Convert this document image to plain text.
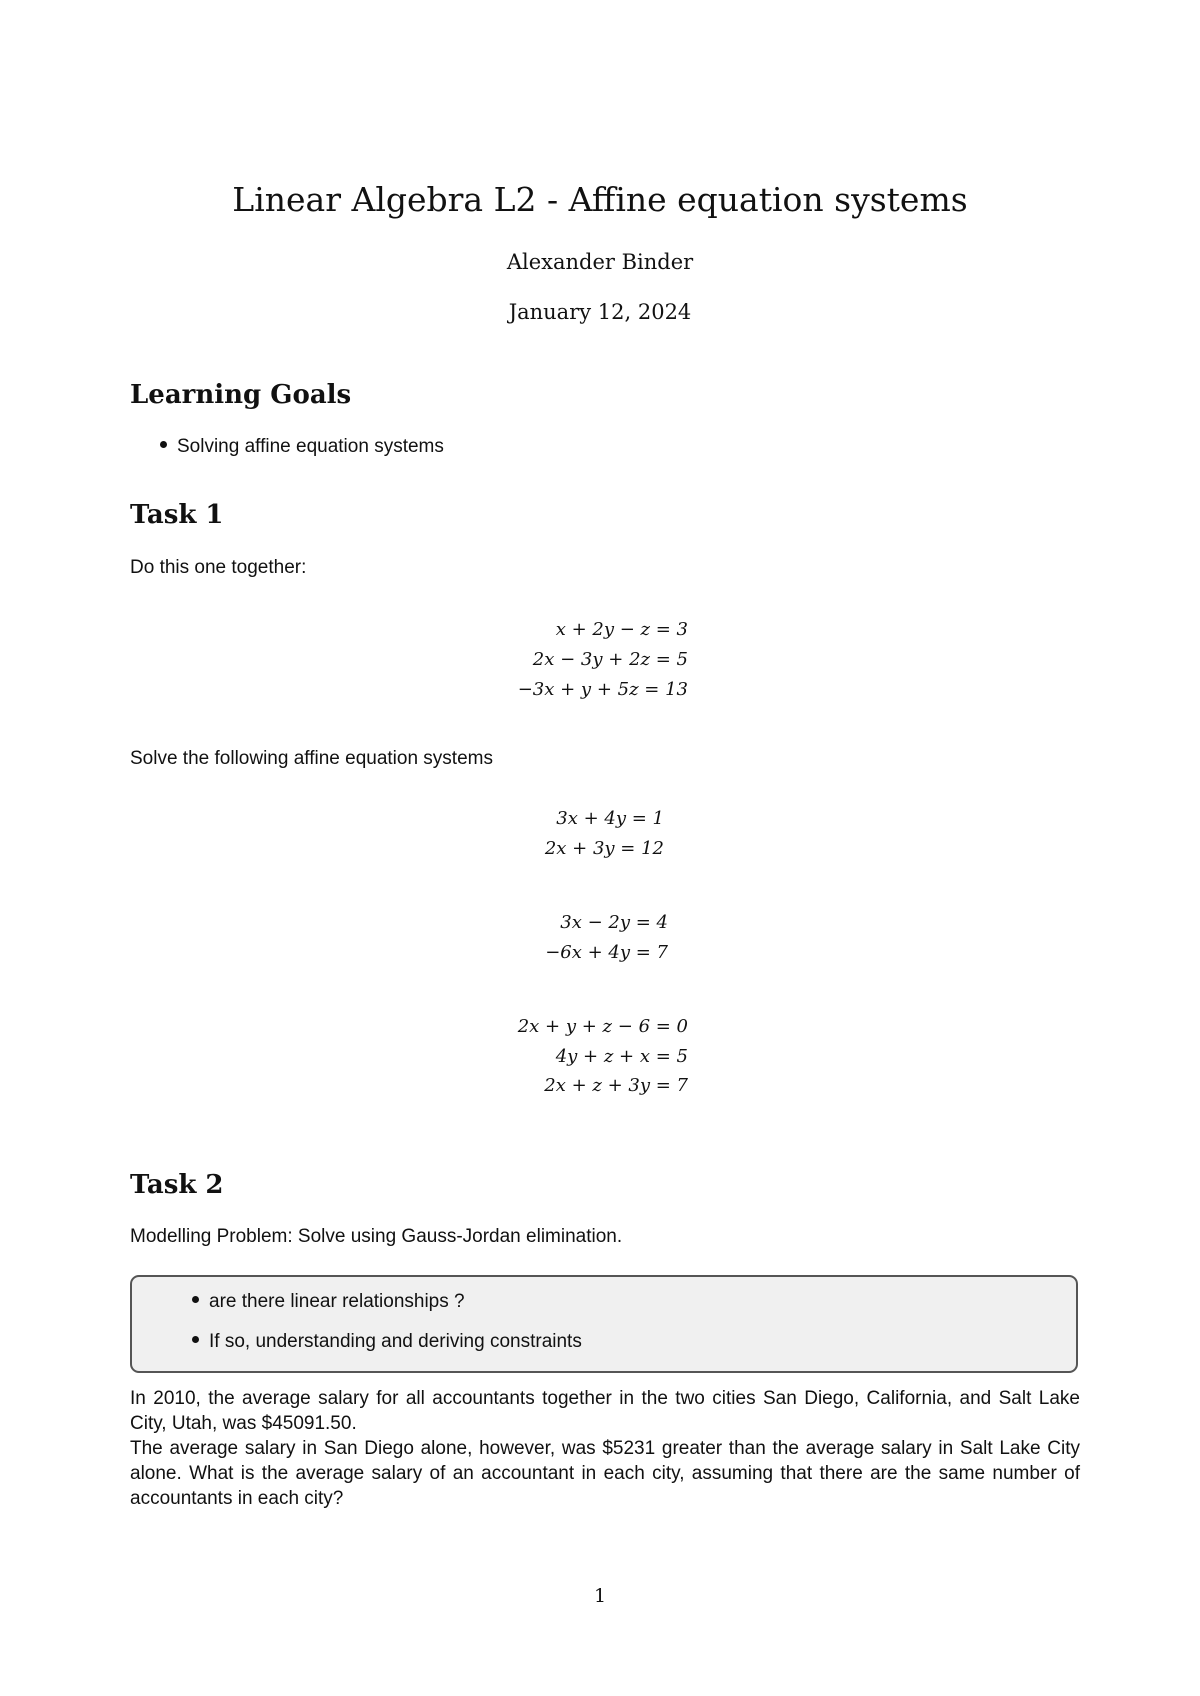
Linear Algebra L2 - Affine equation systems
Alexander Binder
January 12, 2024
Learning Goals
Solving affine equation systems
Task 1
Do this one together:
x + 2y − z = 3
2x − 3y + 2z = 5
−3x + y + 5z = 13
Solve the following affine equation systems
3x + 4y = 1
2x + 3y = 12
3x − 2y = 4
−6x + 4y = 7
2x + y + z − 6 = 0
4y + z + x = 5
2x + z + 3y = 7
Task 2
Modelling Problem: Solve using Gauss-Jordan elimination.
are there linear relationships ?
If so, understanding and deriving constraints
In 2010, the average salary for all accountants together in the two cities San Diego, California, and Salt Lake City, Utah, was $45091.50.
The average salary in San Diego alone, however, was $5231 greater than the average salary in Salt Lake City alone. What is the average salary of an accountant in each city, assuming that there are the same number of accountants in each city?
1
